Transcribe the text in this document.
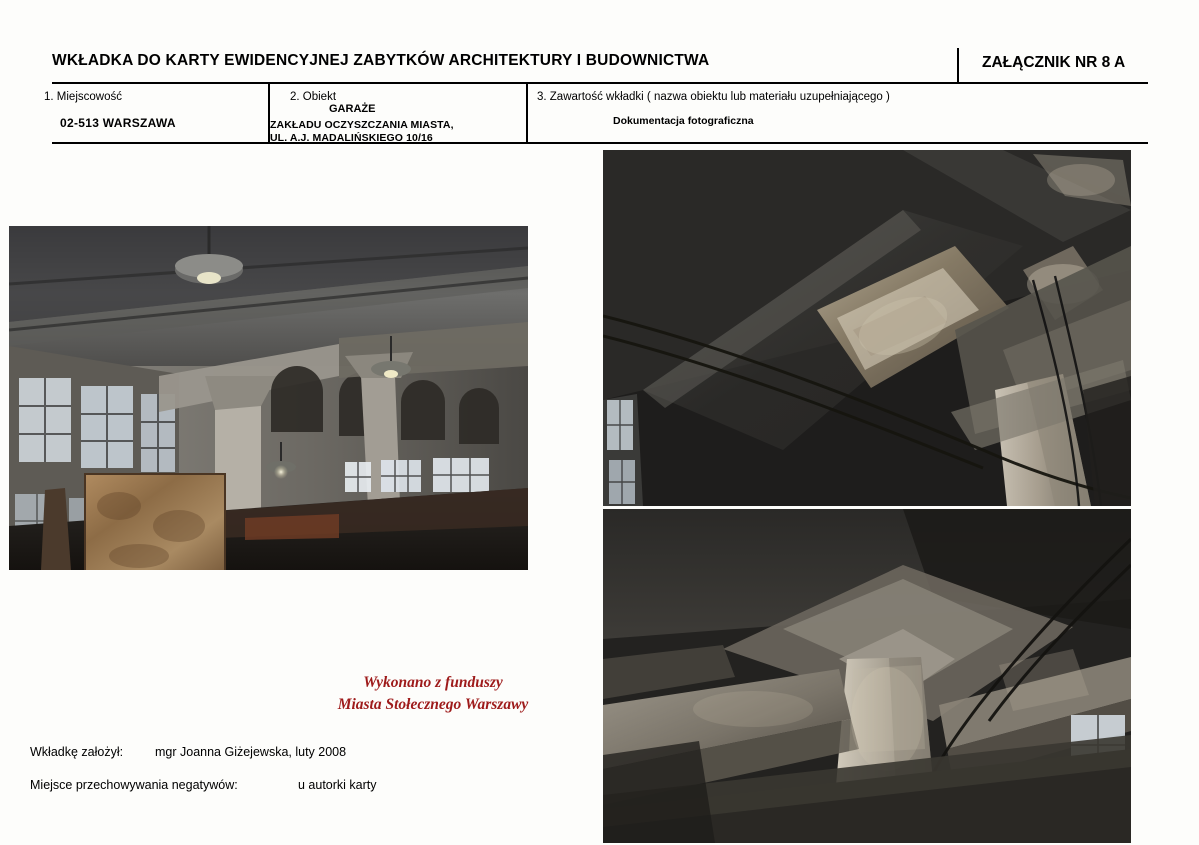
WKŁADKA DO KARTY EWIDENCYJNEJ ZABYTKÓW ARCHITEKTURY I BUDOWNICTWA	ZAŁĄCZNIK NR 8 A
1. Miejscowość
02-513 WARSZAWA
2. Obiekt
GARAŻE
ZAKŁADU OCZYSZCZANIA MIASTA,
UL. A.J. MADALIŃSKIEGO 10/16
3. Zawartość wkładki ( nazwa obiektu lub materiału uzupełniającego )
Dokumentacja fotograficzna
Wykonano z funduszy
Miasta Stołecznego Warszawy
Wkładkę założył:	mgr Joanna Giżejewska, luty 2008
Miejsce przechowywania negatywów:	u autorki karty
